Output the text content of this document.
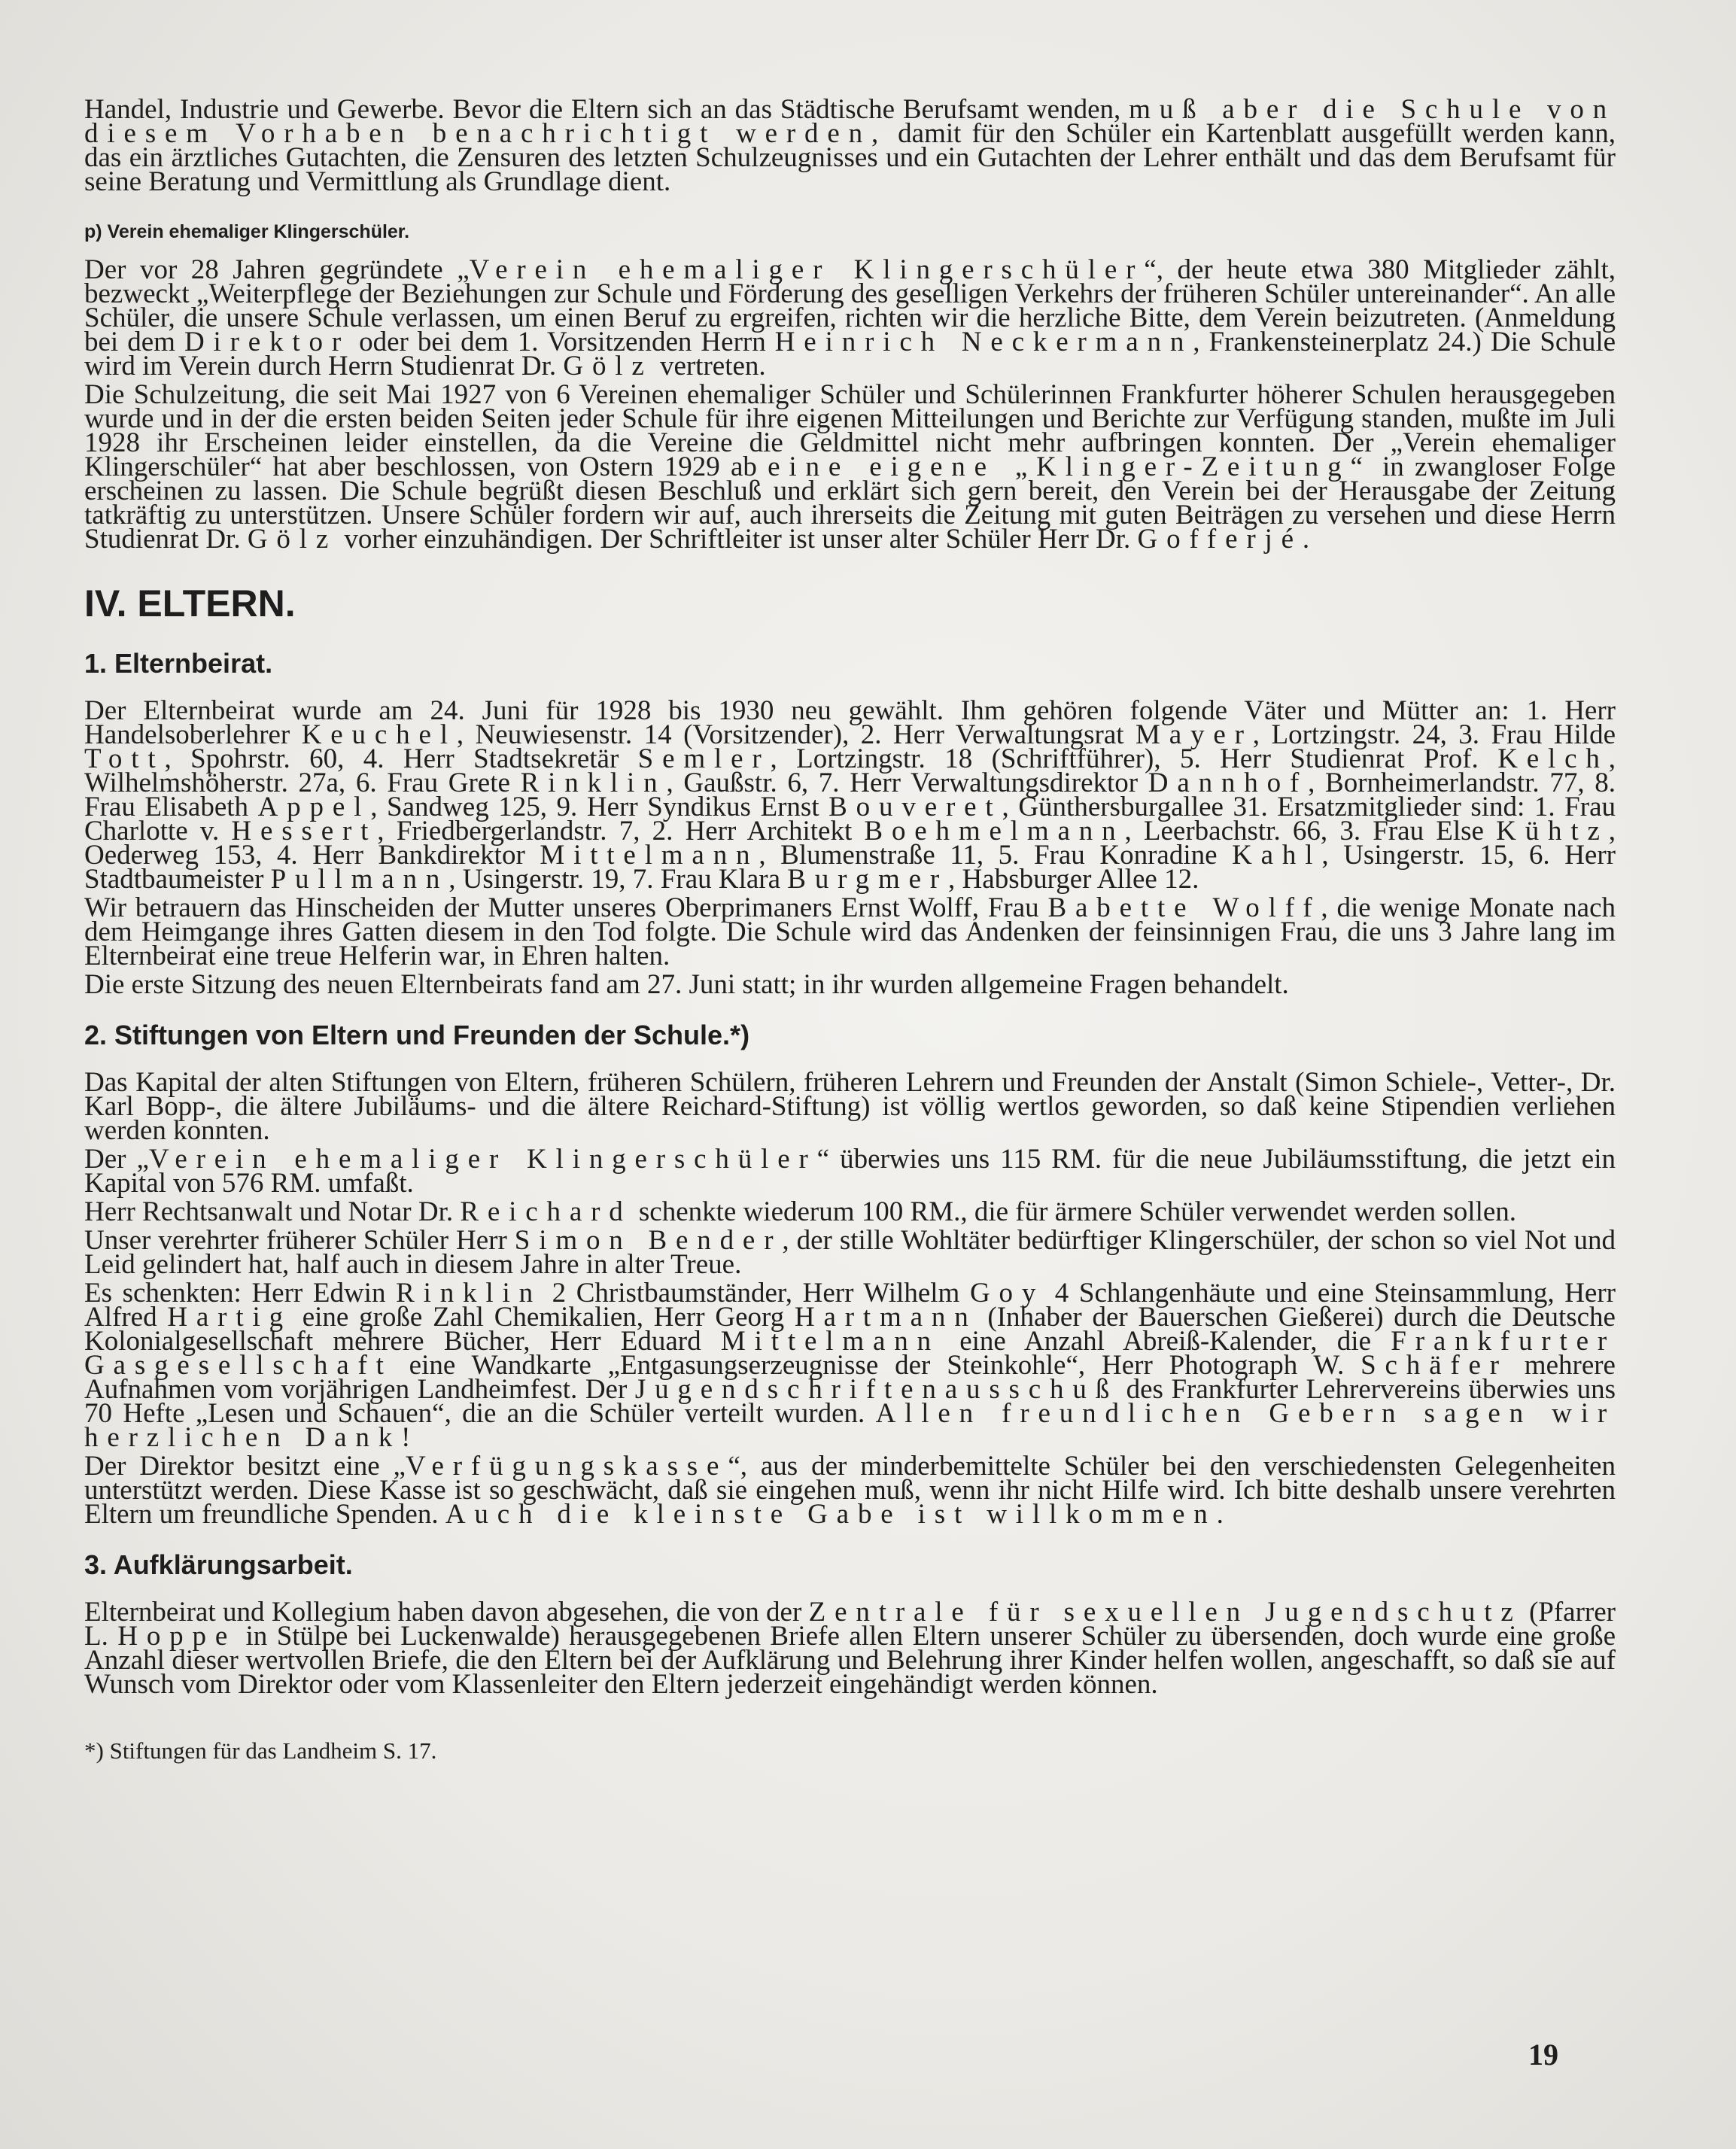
Handel, Industrie und Gewerbe. Bevor die Eltern sich an das Städtische Berufsamt wenden, muß aber die Schule von diesem Vorhaben benachrichtigt werden, damit für den Schüler ein Kartenblatt ausgefüllt werden kann, das ein ärztliches Gutachten, die Zensuren des letzten Schulzeugnisses und ein Gutachten der Lehrer enthält und das dem Berufsamt für seine Beratung und Vermittlung als Grundlage dient.

p) Verein ehemaliger Klingerschüler.

Der vor 28 Jahren gegründete „Verein ehemaliger Klingerschüler“, der heute etwa 380 Mitglieder zählt, bezweckt „Weiterpflege der Beziehungen zur Schule und Förderung des geselligen Verkehrs der früheren Schüler untereinander“. An alle Schüler, die unsere Schule verlassen, um einen Beruf zu ergreifen, richten wir die herzliche Bitte, dem Verein beizutreten. (Anmeldung bei dem Direktor oder bei dem 1. Vorsitzenden Herrn Heinrich Neckermann, Frankensteinerplatz 24.) Die Schule wird im Verein durch Herrn Studienrat Dr. Gölz vertreten.

Die Schulzeitung, die seit Mai 1927 von 6 Vereinen ehemaliger Schüler und Schülerinnen Frankfurter höherer Schulen herausgegeben wurde und in der die ersten beiden Seiten jeder Schule für ihre eigenen Mitteilungen und Berichte zur Verfügung standen, mußte im Juli 1928 ihr Erscheinen leider einstellen, da die Vereine die Geldmittel nicht mehr aufbringen konnten. Der „Verein ehemaliger Klingerschüler“ hat aber beschlossen, von Ostern 1929 ab eine eigene „Klinger-Zeitung“ in zwangloser Folge erscheinen zu lassen. Die Schule begrüßt diesen Beschluß und erklärt sich gern bereit, den Verein bei der Herausgabe der Zeitung tatkräftig zu unterstützen. Unsere Schüler fordern wir auf, auch ihrerseits die Zeitung mit guten Beiträgen zu versehen und diese Herrn Studienrat Dr. Gölz vorher einzuhändigen. Der Schriftleiter ist unser alter Schüler Herr Dr. Gofferjé.

IV. ELTERN.
1. Elternbeirat.

Der Elternbeirat wurde am 24. Juni für 1928 bis 1930 neu gewählt. Ihm gehören folgende Väter und Mütter an: 1. Herr Handelsoberlehrer Keuchel, Neuwiesenstr. 14 (Vorsitzender), 2. Herr Verwaltungsrat Mayer, Lortzingstr. 24, 3. Frau Hilde Tott, Spohrstr. 60, 4. Herr Stadtsekretär Semler, Lortzingstr. 18 (Schriftführer), 5. Herr Studienrat Prof. Kelch, Wilhelmshöherstr. 27a, 6. Frau Grete Rinklin, Gaußstr. 6, 7. Herr Verwaltungsdirektor Dannhof, Bornheimerlandstr. 77, 8. Frau Elisabeth Appel, Sandweg 125, 9. Herr Syndikus Ernst Bouveret, Günthersburgallee 31. Ersatzmitglieder sind: 1. Frau Charlotte v. Hessert, Friedbergerlandstr. 7, 2. Herr Architekt Boehmelmann, Leerbachstr. 66, 3. Frau Else Kühtz, Oederweg 153, 4. Herr Bankdirektor Mittelmann, Blumenstraße 11, 5. Frau Konradine Kahl, Usingerstr. 15, 6. Herr Stadtbaumeister Pullmann, Usingerstr. 19, 7. Frau Klara Burgmer, Habsburger Allee 12.

Wir betrauern das Hinscheiden der Mutter unseres Oberprimaners Ernst Wolff, Frau Babette Wolff, die wenige Monate nach dem Heimgange ihres Gatten diesem in den Tod folgte. Die Schule wird das Andenken der feinsinnigen Frau, die uns 3 Jahre lang im Elternbeirat eine treue Helferin war, in Ehren halten.

Die erste Sitzung des neuen Elternbeirats fand am 27. Juni statt; in ihr wurden allgemeine Fragen behandelt.

2. Stiftungen von Eltern und Freunden der Schule.*)

Das Kapital der alten Stiftungen von Eltern, früheren Schülern, früheren Lehrern und Freunden der Anstalt (Simon Schiele-, Vetter-, Dr. Karl Bopp-, die ältere Jubiläums- und die ältere Reichard-Stiftung) ist völlig wertlos geworden, so daß keine Stipendien verliehen werden konnten.

Der „Verein ehemaliger Klingerschüler“ überwies uns 115 RM. für die neue Jubiläumsstiftung, die jetzt ein Kapital von 576 RM. umfaßt.

Herr Rechtsanwalt und Notar Dr. Reichard schenkte wiederum 100 RM., die für ärmere Schüler verwendet werden sollen.

Unser verehrter früherer Schüler Herr Simon Bender, der stille Wohltäter bedürftiger Klingerschüler, der schon so viel Not und Leid gelindert hat, half auch in diesem Jahre in alter Treue.

Es schenkten: Herr Edwin Rinklin 2 Christbaumständer, Herr Wilhelm Goy 4 Schlangenhäute und eine Steinsammlung, Herr Alfred Hartig eine große Zahl Chemikalien, Herr Georg Hartmann (Inhaber der Bauerschen Gießerei) durch die Deutsche Kolonialgesellschaft mehrere Bücher, Herr Eduard Mittelmann eine Anzahl Abreiß-Kalender, die Frankfurter Gasgesellschaft eine Wandkarte „Entgasungserzeugnisse der Steinkohle“, Herr Photograph W. Schäfer mehrere Aufnahmen vom vorjährigen Landheimfest. Der Jugendschriftenausschuß des Frankfurter Lehrervereins überwies uns 70 Hefte „Lesen und Schauen“, die an die Schüler verteilt wurden. Allen freundlichen Gebern sagen wir herzlichen Dank!

Der Direktor besitzt eine „Verfügungskasse“, aus der minderbemittelte Schüler bei den verschiedensten Gelegenheiten unterstützt werden. Diese Kasse ist so geschwächt, daß sie eingehen muß, wenn ihr nicht Hilfe wird. Ich bitte deshalb unsere verehrten Eltern um freundliche Spenden. Auch die kleinste Gabe ist willkommen.

3. Aufklärungsarbeit.

Elternbeirat und Kollegium haben davon abgesehen, die von der Zentrale für sexuellen Jugendschutz (Pfarrer L. Hoppe in Stülpe bei Luckenwalde) herausgegebenen Briefe allen Eltern unserer Schüler zu übersenden, doch wurde eine große Anzahl dieser wertvollen Briefe, die den Eltern bei der Aufklärung und Belehrung ihrer Kinder helfen wollen, angeschafft, so daß sie auf Wunsch vom Direktor oder vom Klassenleiter den Eltern jederzeit eingehändigt werden können.

*) Stiftungen für das Landheim S. 17.
19
